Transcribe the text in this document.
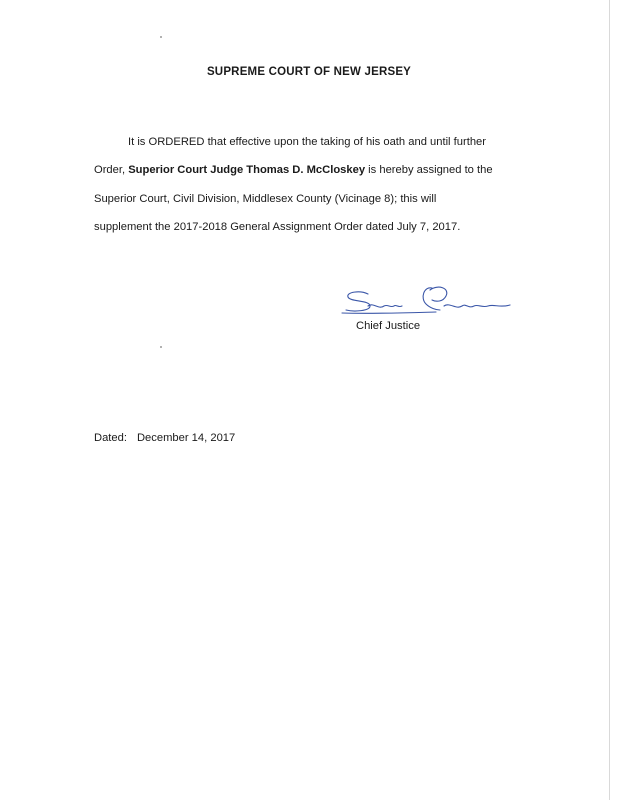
SUPREME COURT OF NEW JERSEY
It is ORDERED that effective upon the taking of his oath and until further
Order, Superior Court Judge Thomas D. McCloskey is hereby assigned to the
Superior Court, Civil Division, Middlesex County (Vicinage 8); this will
supplement the 2017-2018 General Assignment Order dated July 7, 2017.
Chief Justice
Dated: December 14, 2017
